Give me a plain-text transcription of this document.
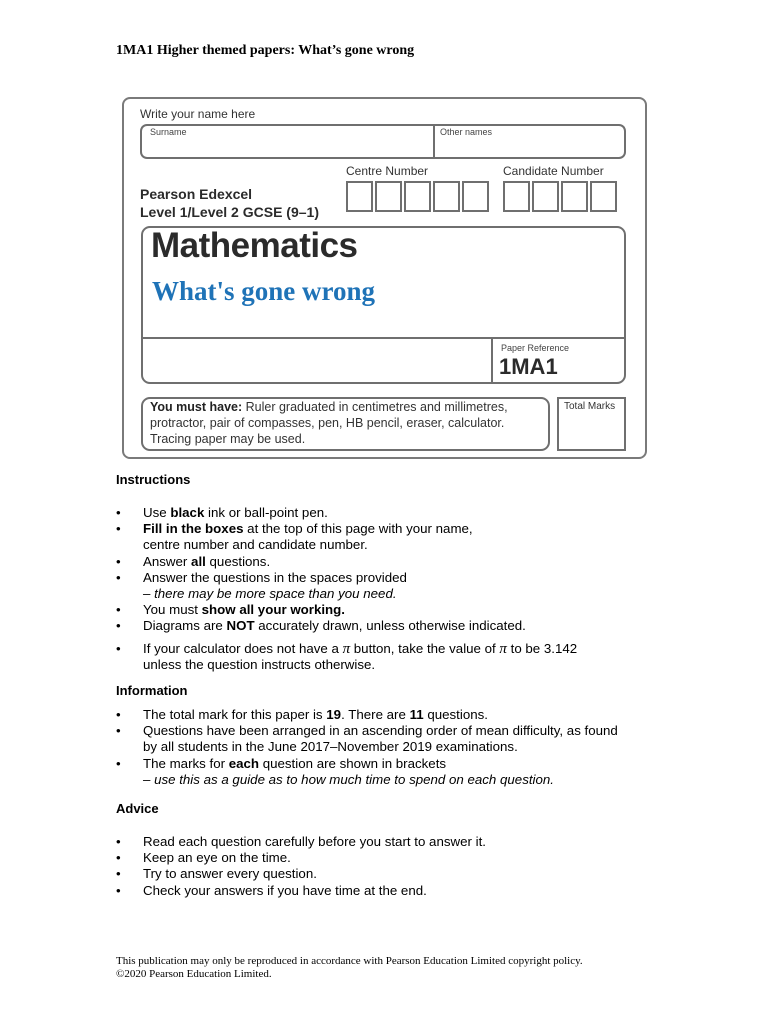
1MA1 Higher themed papers: What’s gone wrong
Write your name here
Surname	Other names
Centre Number	Candidate Number
Pearson Edexcel
Level 1/Level 2 GCSE (9–1)
Mathematics
What's gone wrong
Paper Reference
1MA1
You must have: Ruler graduated in centimetres and millimetres, protractor, pair of compasses, pen, HB pencil, eraser, calculator. Tracing paper may be used.
Total Marks
Instructions
• Use black ink or ball-point pen.
• Fill in the boxes at the top of this page with your name,
centre number and candidate number.
• Answer all questions.
• Answer the questions in the spaces provided
– there may be more space than you need.
• You must show all your working.
• Diagrams are NOT accurately drawn, unless otherwise indicated.
• If your calculator does not have a π button, take the value of π to be 3.142
unless the question instructs otherwise.
Information
• The total mark for this paper is 19. There are 11 questions.
• Questions have been arranged in an ascending order of mean difficulty, as found
by all students in the June 2017–November 2019 examinations.
• The marks for each question are shown in brackets
– use this as a guide as to how much time to spend on each question.
Advice
• Read each question carefully before you start to answer it.
• Keep an eye on the time.
• Try to answer every question.
• Check your answers if you have time at the end.
This publication may only be reproduced in accordance with Pearson Education Limited copyright policy.
©2020 Pearson Education Limited.
